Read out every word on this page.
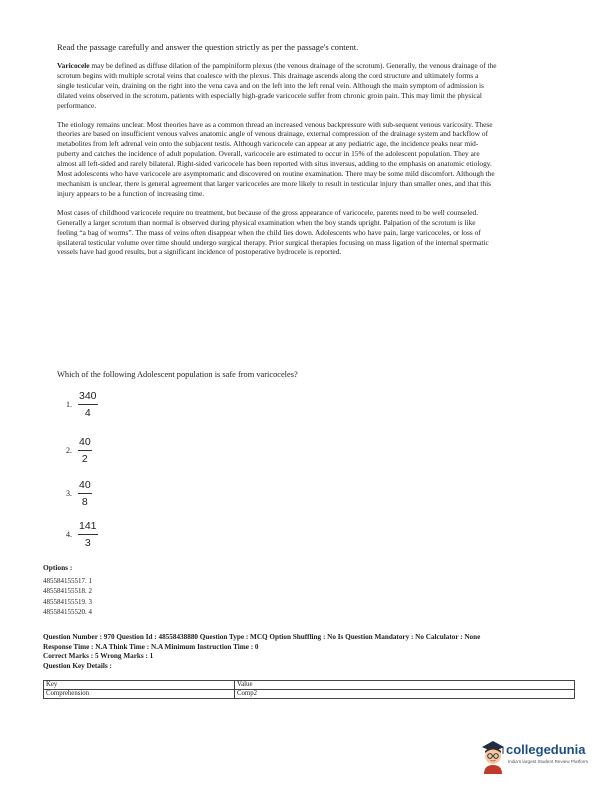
Read the passage carefully and answer the question strictly as per the passage's content.

Varicocele may be defined as diffuse dilation of the pampiniform plexus (the venous drainage of the scrotum). Generally, the venous drainage of the scrotum begins with multiple scrotal veins that coalesce with the plexus. This drainage ascends along the cord structure and ultimately forms a single testicular vein, draining on the right into the vena cava and on the left into the left renal vein. Although the main symptom of admission is dilated veins observed in the scrotum, patients with especially high-grade varicocele suffer from chronic groin pain. This may limit the physical performance.

The etiology remains unclear. Most theories have as a common thread an increased venous backpressure with sub-sequent venous varicosity. These theories are based on insufficient venous valves anatomic angle of venous drainage, external compression of the drainage system and backflow of metabolites from left adrenal vein onto the subjacent testis. Although varicocele can appear at any pediatric age, the incidence peaks near mid-puberty and catches the incidence of adult population. Overall, varicocele are estimated to occur in 15% of the adolescent population. They are almost all left-sided and rarely bilateral. Right-sided varicocele has been reported with situs inversus, adding to the emphasis on anatomic etiology. Most adolescents who have varicocele are asymptomatic and discovered on routine examination. There may be some mild discomfort. Although the mechanism is unclear, there is general agreement that larger varicoceles are more likely to result in testicular injury than smaller ones, and that this injury appears to be a function of increasing time.

Most cases of childhood varicocele require no treatment, but because of the gross appearance of varicocele, parents need to be well counseled. Generally a larger scrotum than normal is observed during physical examination when the boy stands upright. Palpation of the scrotum is like feeling “a bag of worms”. The mass of veins often disappear when the child lies down. Adolescents who have pain, large varicoceles, or loss of ipsilateral testicular volume over time should undergo surgical therapy. Prior surgical therapies focusing on mass ligation of the internal spermatic vessels have had good results, but a significant incidence of postoperative hydrocele is reported.

Which of the following Adolescent population is safe from varicoceles?
1. $\frac{340}{4}$
2. $\frac{40}{2}$
3. $\frac{40}{8}$
4. $\frac{141}{3}$
Options :
485584155517. 1
485584155518. 2
485584155519. 3
485584155520. 4
Question Number : 970 Question Id : 48558438880 Question Type : MCQ Option Shuffling : No Is Question Mandatory : No Calculator : None
Response Time : N.A Think Time : N.A Minimum Instruction Time : 0
Correct Marks : 5 Wrong Marks : 1
Question Key Details :
Key	Value
Comprehension	Comp2
collegedunia
India's largest Student Review Platform
